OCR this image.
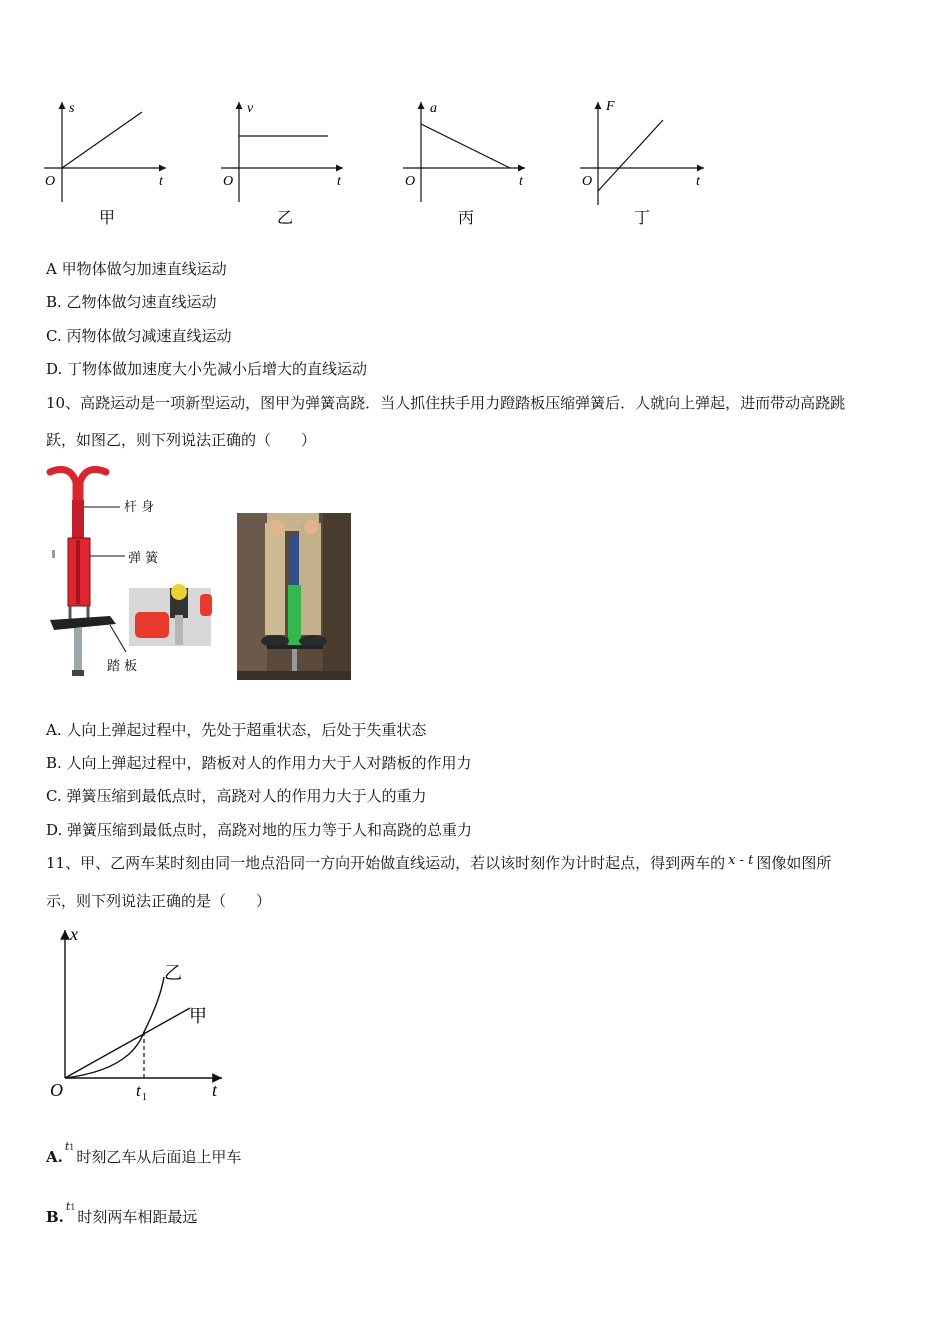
s
t
O
甲
v
t
O
乙
a
t
O
丙
F
t
O
丁
A 甲物体做匀加速直线运动
B. 乙物体做匀速直线运动
C. 丙物体做匀减速直线运动
D. 丁物体做加速度大小先减小后增大的直线运动
10、高跷运动是一项新型运动，图甲为弹簧高跷．当人抓住扶手用力蹬踏板压缩弹簧后．人就向上弹起，进而带动高跷跳
跃，如图乙，则下列说法正确的（　　）
杆 身
弹 簧
踏 板
A. 人向上弹起过程中，先处于超重状态，后处于失重状态
B. 人向上弹起过程中，踏板对人的作用力大于人对踏板的作用力
C. 弹簧压缩到最低点时，高跷对人的作用力大于人的重力
D. 弹簧压缩到最低点时，高跷对地的压力等于人和高跷的总重力
11、甲、乙两车某时刻由同一地点沿同一方向开始做直线运动，若以该时刻作为计时起点，得到两车的 x - t 图像如图所
示，则下列说法正确的是（　　）
x
t
O	t 1
乙
甲
A.$^{t1}$时刻乙车从后面追上甲车
B.$^{t1}$时刻两车相距最远
